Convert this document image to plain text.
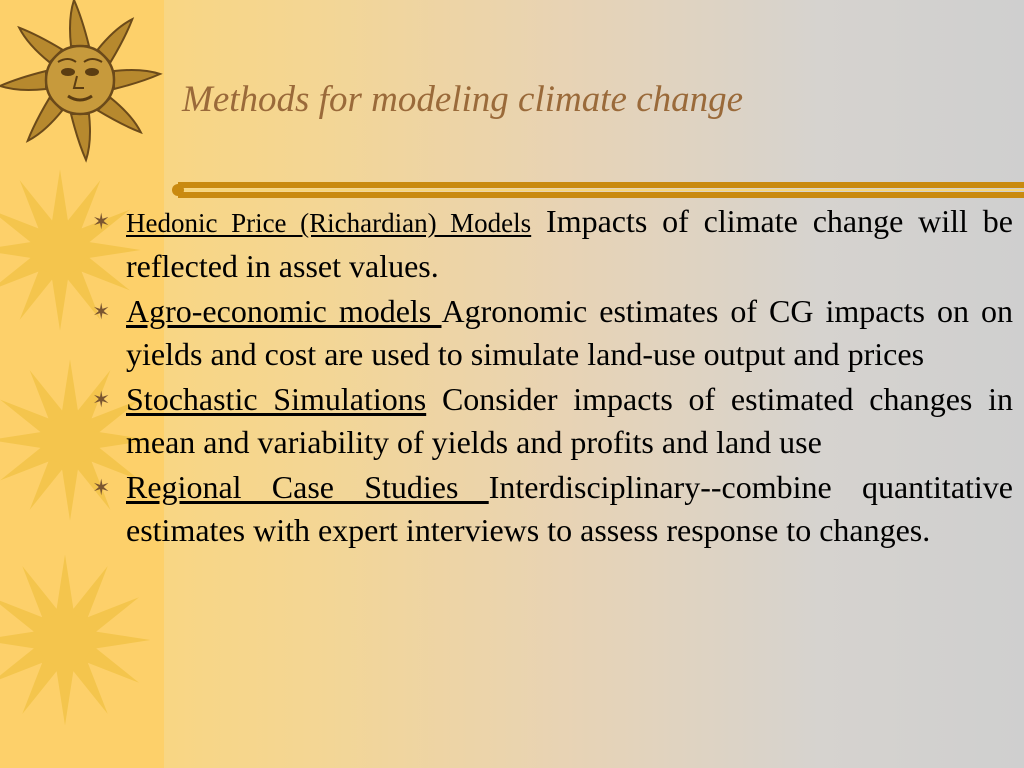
Methods for modeling climate change
✶ Hedonic Price (Richardian) Models Impacts of climate change will be reflected in asset values.
✶ Agro-economic models Agronomic estimates of CG impacts on on yields and cost are used to simulate land-use output and prices
✶ Stochastic Simulations Consider impacts of estimated changes in mean and variability of yields and profits and land use
✶ Regional Case Studies Interdisciplinary--combine quantitative estimates with expert interviews to assess response to changes.
